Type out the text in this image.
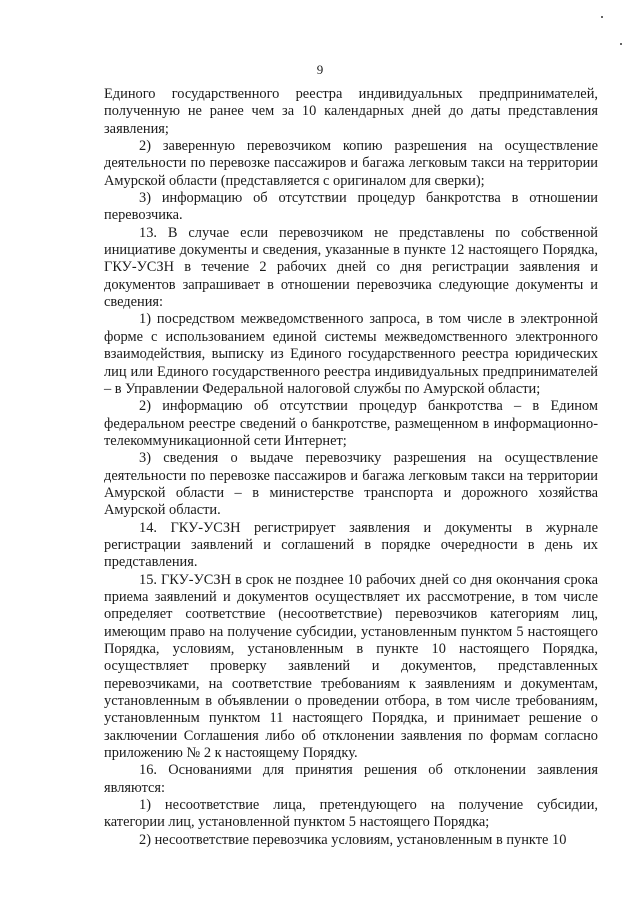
9

Единого государственного реестра индивидуальных предпринимателей, полученную не ранее чем за 10 календарных дней до даты представления заявления;

2) заверенную перевозчиком копию разрешения на осуществление деятельности по перевозке пассажиров и багажа легковым такси на территории Амурской области (представляется с оригиналом для сверки);

3) информацию об отсутствии процедур банкротства в отношении перевозчика.

13. В случае если перевозчиком не представлены по собственной инициативе документы и сведения, указанные в пункте 12 настоящего Порядка, ГКУ-УСЗН в течение 2 рабочих дней со дня регистрации заявления и документов запрашивает в отношении перевозчика следующие документы и сведения:

1) посредством межведомственного запроса, в том числе в электронной форме с использованием единой системы межведомственного электронного взаимодействия, выписку из Единого государственного реестра юридических лиц или Единого государственного реестра индивидуальных предпринимателей – в Управлении Федеральной налоговой службы по Амурской области;

2) информацию об отсутствии процедур банкротства – в Едином федеральном реестре сведений о банкротстве, размещенном в информационно-телекоммуникационной сети Интернет;

3) сведения о выдаче перевозчику разрешения на осуществление деятельности по перевозке пассажиров и багажа легковым такси на территории Амурской области – в министерстве транспорта и дорожного хозяйства Амурской области.

14. ГКУ-УСЗН регистрирует заявления и документы в журнале регистрации заявлений и соглашений в порядке очередности в день их представления.

15. ГКУ-УСЗН в срок не позднее 10 рабочих дней со дня окончания срока приема заявлений и документов осуществляет их рассмотрение, в том числе определяет соответствие (несоответствие) перевозчиков категориям лиц, имеющим право на получение субсидии, установленным пунктом 5 настоящего Порядка, условиям, установленным в пункте 10 настоящего Порядка, осуществляет проверку заявлений и документов, представленных перевозчиками, на соответствие требованиям к заявлениям и документам, установленным в объявлении о проведении отбора, в том числе требованиям, установленным пунктом 11 настоящего Порядка, и принимает решение о заключении Соглашения либо об отклонении заявления по формам согласно приложению № 2 к настоящему Порядку.

16. Основаниями для принятия решения об отклонении заявления являются:

1) несоответствие лица, претендующего на получение субсидии, категории лиц, установленной пунктом 5 настоящего Порядка;

2) несоответствие перевозчика условиям, установленным в пункте 10
